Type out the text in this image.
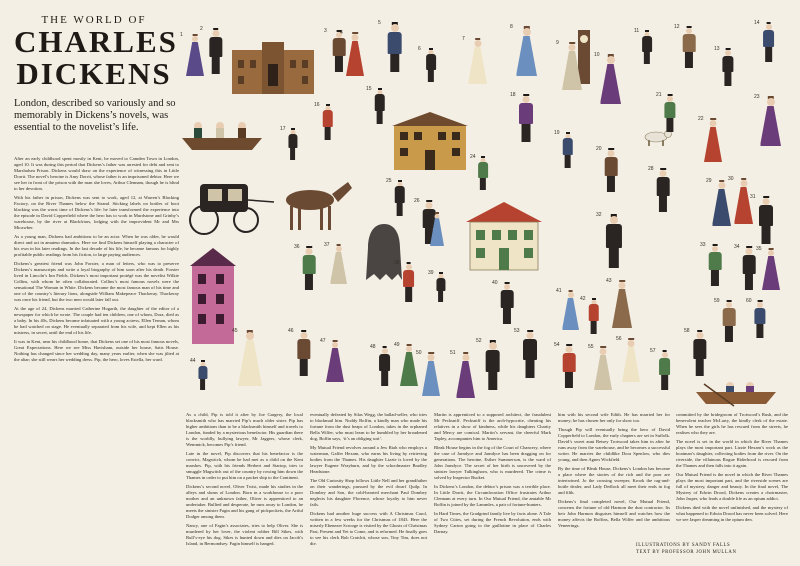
THE WORLD OF
CHARLES
DICKENS
London, described so variously and so memorably in Dickens’s novels, was essential to the novelist’s life.

After an early childhood spent mostly in Kent, he moved to Camden Town in London, aged 10. It was during this period that Dickens’s father was arrested for debt and sent to Marshalsea Prison. Dickens would draw on the experience of witnessing this in Little Dorrit. The novel’s heroine is Amy Dorrit, whose father is an imprisoned debtor. Here we see her in front of the prison with the man she loves, Arthur Clennam, though he is blind to her devotion.

With his father in prison, Dickens was sent to work, aged 12, at Warren’s Blacking Factory, on the River Thames below the Strand. Sticking labels on bottles of boot blacking was the worst time of Dickens’s life: he later transformed the experience into the episode in David Copperfield where the hero has to work in Murdstone and Grinby’s warehouse, by the river at Blackfriars, lodging with the improvident Mr and Mrs Micawber.

As a young man, Dickens had ambitions to be an actor. When he was older, he would direct and act in amateur dramatics. Here we find Dickens himself playing a character of his own in his later readings. In the last decade of his life, he became famous for highly profitable public readings from his fiction, to large paying audiences.

Dickens’s greatest friend was John Forster, a man of letters, who was to preserve Dickens’s manuscripts and write a loyal biography of him soon after his death. Forster lived in Lincoln’s Inn Fields. Dickens’s most important protégé was the novelist Wilkie Collins, with whom he often collaborated. Collins’s most famous novels were the sensational The Woman in White. Dickens became the most famous man of his time and one of the country’s literary lions, alongside William Makepeace Thackeray. Thackeray was once his friend, but the two men would later fall out.

At the age of 24, Dickens married Catherine Hogarth, the daughter of the editor of a newspaper for which he wrote. The couple had ten children, one of whom, Dora, died as a baby. In his 40s, Dickens became infatuated with a young actress, Ellen Ternan, whom he had watched on stage. He eventually separated from his wife, and kept Ellen as his mistress, in secret, until the end of his life.

It was in Kent, near his childhood home, that Dickens set one of his most famous novels, Great Expectations. Here we see Miss Havisham, outside her house, Satis House. Nothing has changed since her wedding day, many years earlier, when she was jilted at the altar; she still wears her wedding dress. Pip, the hero, loves Estella, her ward.

As a child, Pip is told it after by Joe Gargery, the local blacksmith who has married Pip’s much older sister. Pip has higher ambitions than to be a blacksmith himself and travels to London, funded by a mysterious benefactor. His guardian there is the worldly, bullying lawyer, Mr Jaggers, whose clerk, Wemmick, becomes Pip’s friend.

Late in the novel, Pip discovers that his benefactor is the convict, Magwitch, whom he had met as a child on the Kent marshes. Pip, with his friends Herbert and Startop, tries to smuggle Magwitch out of the country by rowing him down the Thames in order to put him on a packet ship to the Continent.

Dickens’s second novel, Oliver Twist, made his studies in the alleys and slums of London. Born in a workhouse to a poor mother and an unknown father, Oliver is apprenticed to an undertaker. Bullied and desperate, he runs away to London, he meets the sinister Fagin and his gang of pickpockets, the Artful Dodger among them.

Nancy, one of Fagin’s associates, tries to help Oliver. She is murdered by her lover, the violent robber Bill Sikes, with Bull’s-eye his dog. Sikes is hunted down and dies on Jacob’s Island, in Bermondsey. Fagin himself is hanged.

eventually defeated by Silas Wegg, the ballad-seller, who tries to blackmail him. Noddy Boffin, a kindly man who made his fortune from the dust heaps of London, takes in the orphaned Bella Wilfer, who must learn to be humbled by her broadened dog, Boffin says, ‘it’s an obliging sort’.

My Mutual Friend revolves around a Jew Riah who employs a waterman, Gaffer Hexam, who earns his living by retrieving bodies from the Thames. His daughter Lizzie is loved by the lawyer Eugene Wrayburn, and by the schoolmaster Bradley Headstone.

The Old Curiosity Shop follows Little Nell and her grandfather on their wanderings, pursued by the evil dwarf Quilp. In Dombey and Son, the cold-hearted merchant Paul Dombey neglects his daughter Florence, whose loyalty to him never fails.

Dickens had another huge success with A Christmas Carol, written in a few weeks for the Christmas of 1843. Here the miserly Ebenezer Scrooge is visited by the Ghosts of Christmas Past, Present and Yet to Come, and is reformed. He finally goes to see his clerk Bob Cratchit, whose son, Tiny Tim, does not die.

Martin is apprenticed to a supposed architect, the fraudulent Mr Pecksniff. Pecksniff is the arch-hypocrite, cheating his relatives in a show of kindness, while his daughters Charity and Mercy are comical. Martin’s servant, the cheerful Mark Tapley, accompanies him to America.

Bleak House begins in the fog of the Court of Chancery, where the case of Jarndyce and Jarndyce has been dragging on for generations. The heroine, Esther Summerson, is the ward of John Jarndyce. The secret of her birth is uncovered by the sinister lawyer Tulkinghorn, who is murdered. The crime is solved by Inspector Bucket.

In Dickens’s London, the debtor’s prison was a terrible place. In Little Dorrit, the Circumlocution Office frustrates Arthur Clennam at every turn. In Our Mutual Friend, the amiable Mr Boffin is joined by the Lammles, a pair of fortune-hunters.

In Hard Times, the Gradgrind family live by facts alone. A Tale of Two Cities, set during the French Revolution, ends with Sydney Carton going to the guillotine in place of Charles Darnay.

him with his second wife Edith. He has married her for money; he has chosen her only for show too.

Though Pip will eventually bring the hero of David Copperfield to London, the early chapters are set in Suffolk. David’s sweet aunt Betsey Trotwood takes him in after he runs away from the warehouse, and he becomes a successful writer. He marries the childlike Dora Spenlow, who dies young, and then Agnes Wickfield.

By the time of Bleak House, Dickens’s London has become a place where the stories of the rich and the poor are intertwined. Jo the crossing sweeper, Krook the rag-and-bottle dealer, and Lady Dedlock all meet their ends in fog and filth.

Dickens’s final completed novel, Our Mutual Friend, concerns the fortune of old Harmon the dust contractor. Its heir John Harmon disguises himself and watches how the money affects the Boffins, Bella Wilfer and the ambitious Veneerings.

committed by the bridegroom of Trotwood’s Rush, and the benevolent teacher McLarty, the kindly clerk of the estate. When he sees the girls he has rescued from the streets, he realises who they are.

The novel is set in the world in which the River Thames plays the most important part. Lizzie Hexam’s work as the boatman’s daughter, collecting bodies from the river. On the riverside, the villainous Rogue Riderhood is rescued from the Thames and then falls into it again.

Our Mutual Friend is the novel in which the River Thames plays the most important part, and the riverside scenes are full of mystery, danger and beauty. In the final novel, The Mystery of Edwin Drood, Dickens creates a choirmaster, John Jasper, who leads a double life as an opium addict.

Dickens died with the novel unfinished, and the mystery of what happened to Edwin Drood has never been solved. Here we see Jasper dreaming in the opium den.

ILLUSTRATIONS BY SANDY FALLS
TEXT BY PROFESSOR JOHN MULLAN
1
2	3	4
5
6
7
8
9
10
11
12
13
14
15
16
17
18
19
20
21
22
23
24
25
26
27
28
29	30
31
32
33	34	35
36	37
38
39
40
41
42
43
44
45	46
47
48	49
50	51
52
53
54	55
56
57
58
59	60
